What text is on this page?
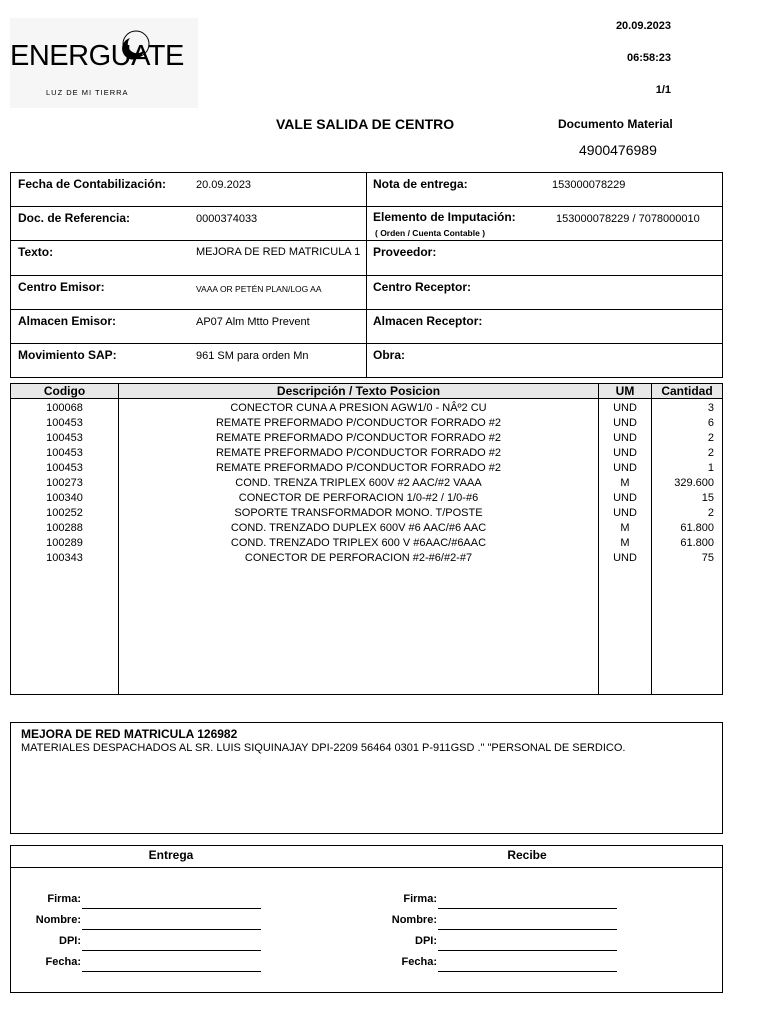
ENERGUATE
LUZ DE MI TIERRA
20.09.2023
06:58:23
1/1
VALE SALIDA DE CENTRO	Documento Material
4900476989
Fecha de Contabilización:	20.09.2023	Nota de entrega:	153000078229
Doc. de Referencia:	0000374033	Elemento de Imputación:
( Orden / Cuenta Contable )
153000078229 / 7078000010
Texto:	MEJORA DE RED MATRICULA 1 Proveedor:
Centro Emisor:	VAAA OR PETÉN PLAN/LOG AA	Centro Receptor:
Almacen Emisor:	AP07 Alm Mtto Prevent	Almacen Receptor:
Movimiento SAP:	961 SM para orden Mn	Obra:
Codigo	Descripción / Texto Posicion	UM	Cantidad
100068	CONECTOR CUNA A PRESION AGW1/0 - NÂº2 CU	UND	3
100453	REMATE PREFORMADO P/CONDUCTOR FORRADO #2	UND	6
100453	REMATE PREFORMADO P/CONDUCTOR FORRADO #2	UND	2
100453	REMATE PREFORMADO P/CONDUCTOR FORRADO #2	UND	2
100453	REMATE PREFORMADO P/CONDUCTOR FORRADO #2	UND	1
100273	COND. TRENZA TRIPLEX 600V #2 AAC/#2 VAAA	M	329.600
100340	CONECTOR DE PERFORACION 1/0-#2 / 1/0-#6	UND	15
100252	SOPORTE TRANSFORMADOR MONO. T/POSTE	UND	2
100288	COND. TRENZADO DUPLEX 600V #6 AAC/#6 AAC	M	61.800
100289	COND. TRENZADO TRIPLEX 600 V #6AAC/#6AAC	M	61.800
100343	CONECTOR DE PERFORACION #2-#6/#2-#7	UND	75
MEJORA DE RED MATRICULA 126982
MATERIALES DESPACHADOS AL SR. LUIS SIQUINAJAY DPI-2209 56464 0301 P-911GSD ." "PERSONAL DE SERDICO.
Entrega	Recibe
Firma:
Nombre:
DPI:
Fecha:
Firma:
Nombre:
DPI:
Fecha:
